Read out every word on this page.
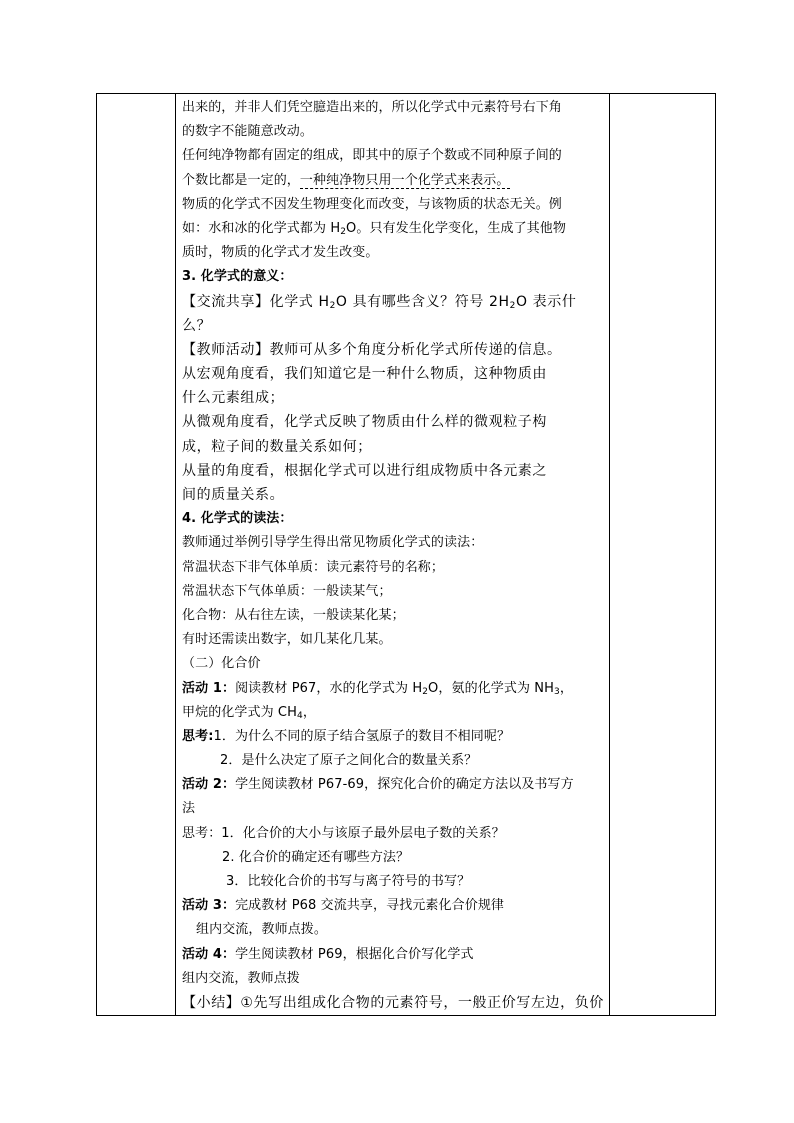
出来的，并非人们凭空臆造出来的，所以化学式中元素符号右下角
的数字不能随意改动。
任何纯净物都有固定的组成，即其中的原子个数或不同种原子间的
个数比都是一定的，一种纯净物只用一个化学式来表示。
物质的化学式不因发生物理变化而改变，与该物质的状态无关。例
如：水和冰的化学式都为 $H_2O$。只有发生化学变化，生成了其他物
质时，物质的化学式才发生改变。
3. 化学式的意义：
【交流共享】化学式 $H_2O$ 具有哪些含义？符号 $2H_2O$ 表示什
么？
【教师活动】教师可从多个角度分析化学式所传递的信息。
从宏观角度看，我们知道它是一种什么物质，这种物质由
什么元素组成；
从微观角度看，化学式反映了物质由什么样的微观粒子构
成，粒子间的数量关系如何；
从量的角度看，根据化学式可以进行组成物质中各元素之
间的质量关系。
4. 化学式的读法：
教师通过举例引导学生得出常见物质化学式的读法：
常温状态下非气体单质：读元素符号的名称；
常温状态下气体单质：一般读某气；
化合物：从右往左读，一般读某化某；
有时还需读出数字，如几某化几某。
（二）化合价
活动 1：阅读教材 P67，水的化学式为 $H_2O$，氨的化学式为 $NH_3$，
甲烷的化学式为 $CH_4$，
思考:1．为什么不同的原子结合氢原子的数目不相同呢？
2．是什么决定了原子之间化合的数量关系？
活动 2：学生阅读教材 P67-69，探究化合价的确定方法以及书写方
法
思考：1．化合价的大小与该原子最外层电子数的关系？
2. 化合价的确定还有哪些方法？
3．比较化合价的书写与离子符号的书写？
活动 3：完成教材 P68 交流共享，寻找元素化合价规律
组内交流，教师点拨。
活动 4：学生阅读教材 P69，根据化合价写化学式
组内交流，教师点拨
【小结】①先写出组成化合物的元素符号，一般正价写左边，负价
